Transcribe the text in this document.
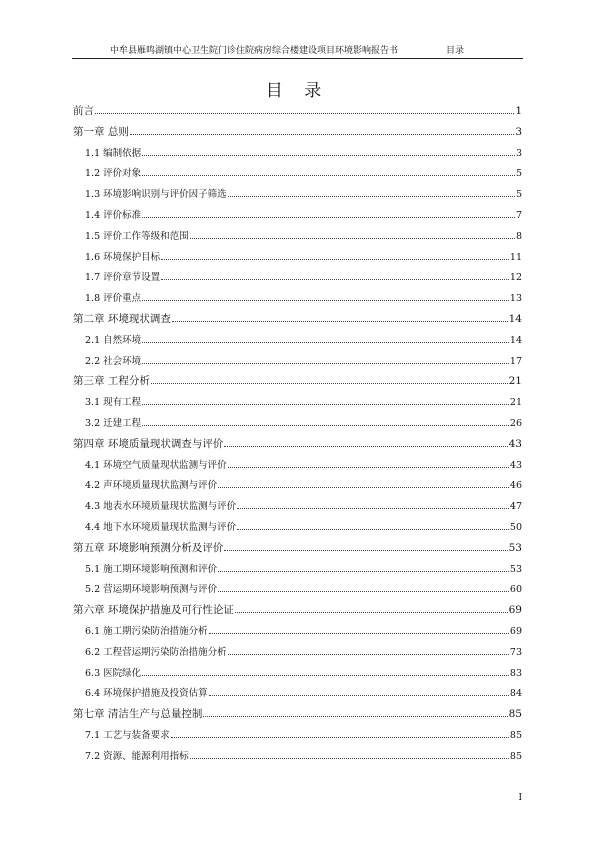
中牟县雁鸣湖镇中心卫生院门诊住院病房综合楼建设项目环境影响报告书	目录
目 录
前言	1
第一章 总则	3
1.1 编制依据	3
1.2 评价对象	5
1.3 环境影响识别与评价因子筛选	5
1.4 评价标准	7
1.5 评价工作等级和范围	8
1.6 环境保护目标	11
1.7 评价章节设置	12
1.8 评价重点	13
第二章 环境现状调查	14
2.1 自然环境	14
2.2 社会环境	17
第三章 工程分析	21
3.1 现有工程	21
3.2 迁建工程	26
第四章 环境质量现状调查与评价	43
4.1 环境空气质量现状监测与评价	43
4.2 声环境质量现状监测与评价	46
4.3 地表水环境质量现状监测与评价	47
4.4 地下水环境质量现状监测与评价	50
第五章 环境影响预测分析及评价	53
5.1 施工期环境影响预测和评价	53
5.2 营运期环境影响预测与评价	60
第六章 环境保护措施及可行性论证	69
6.1 施工期污染防治措施分析	69
6.2 工程营运期污染防治措施分析	73
6.3 医院绿化	83
6.4 环境保护措施及投资估算	84
第七章 清洁生产与总量控制	85
7.1 工艺与装备要求	85
7.2 资源、能源利用指标	85
I
